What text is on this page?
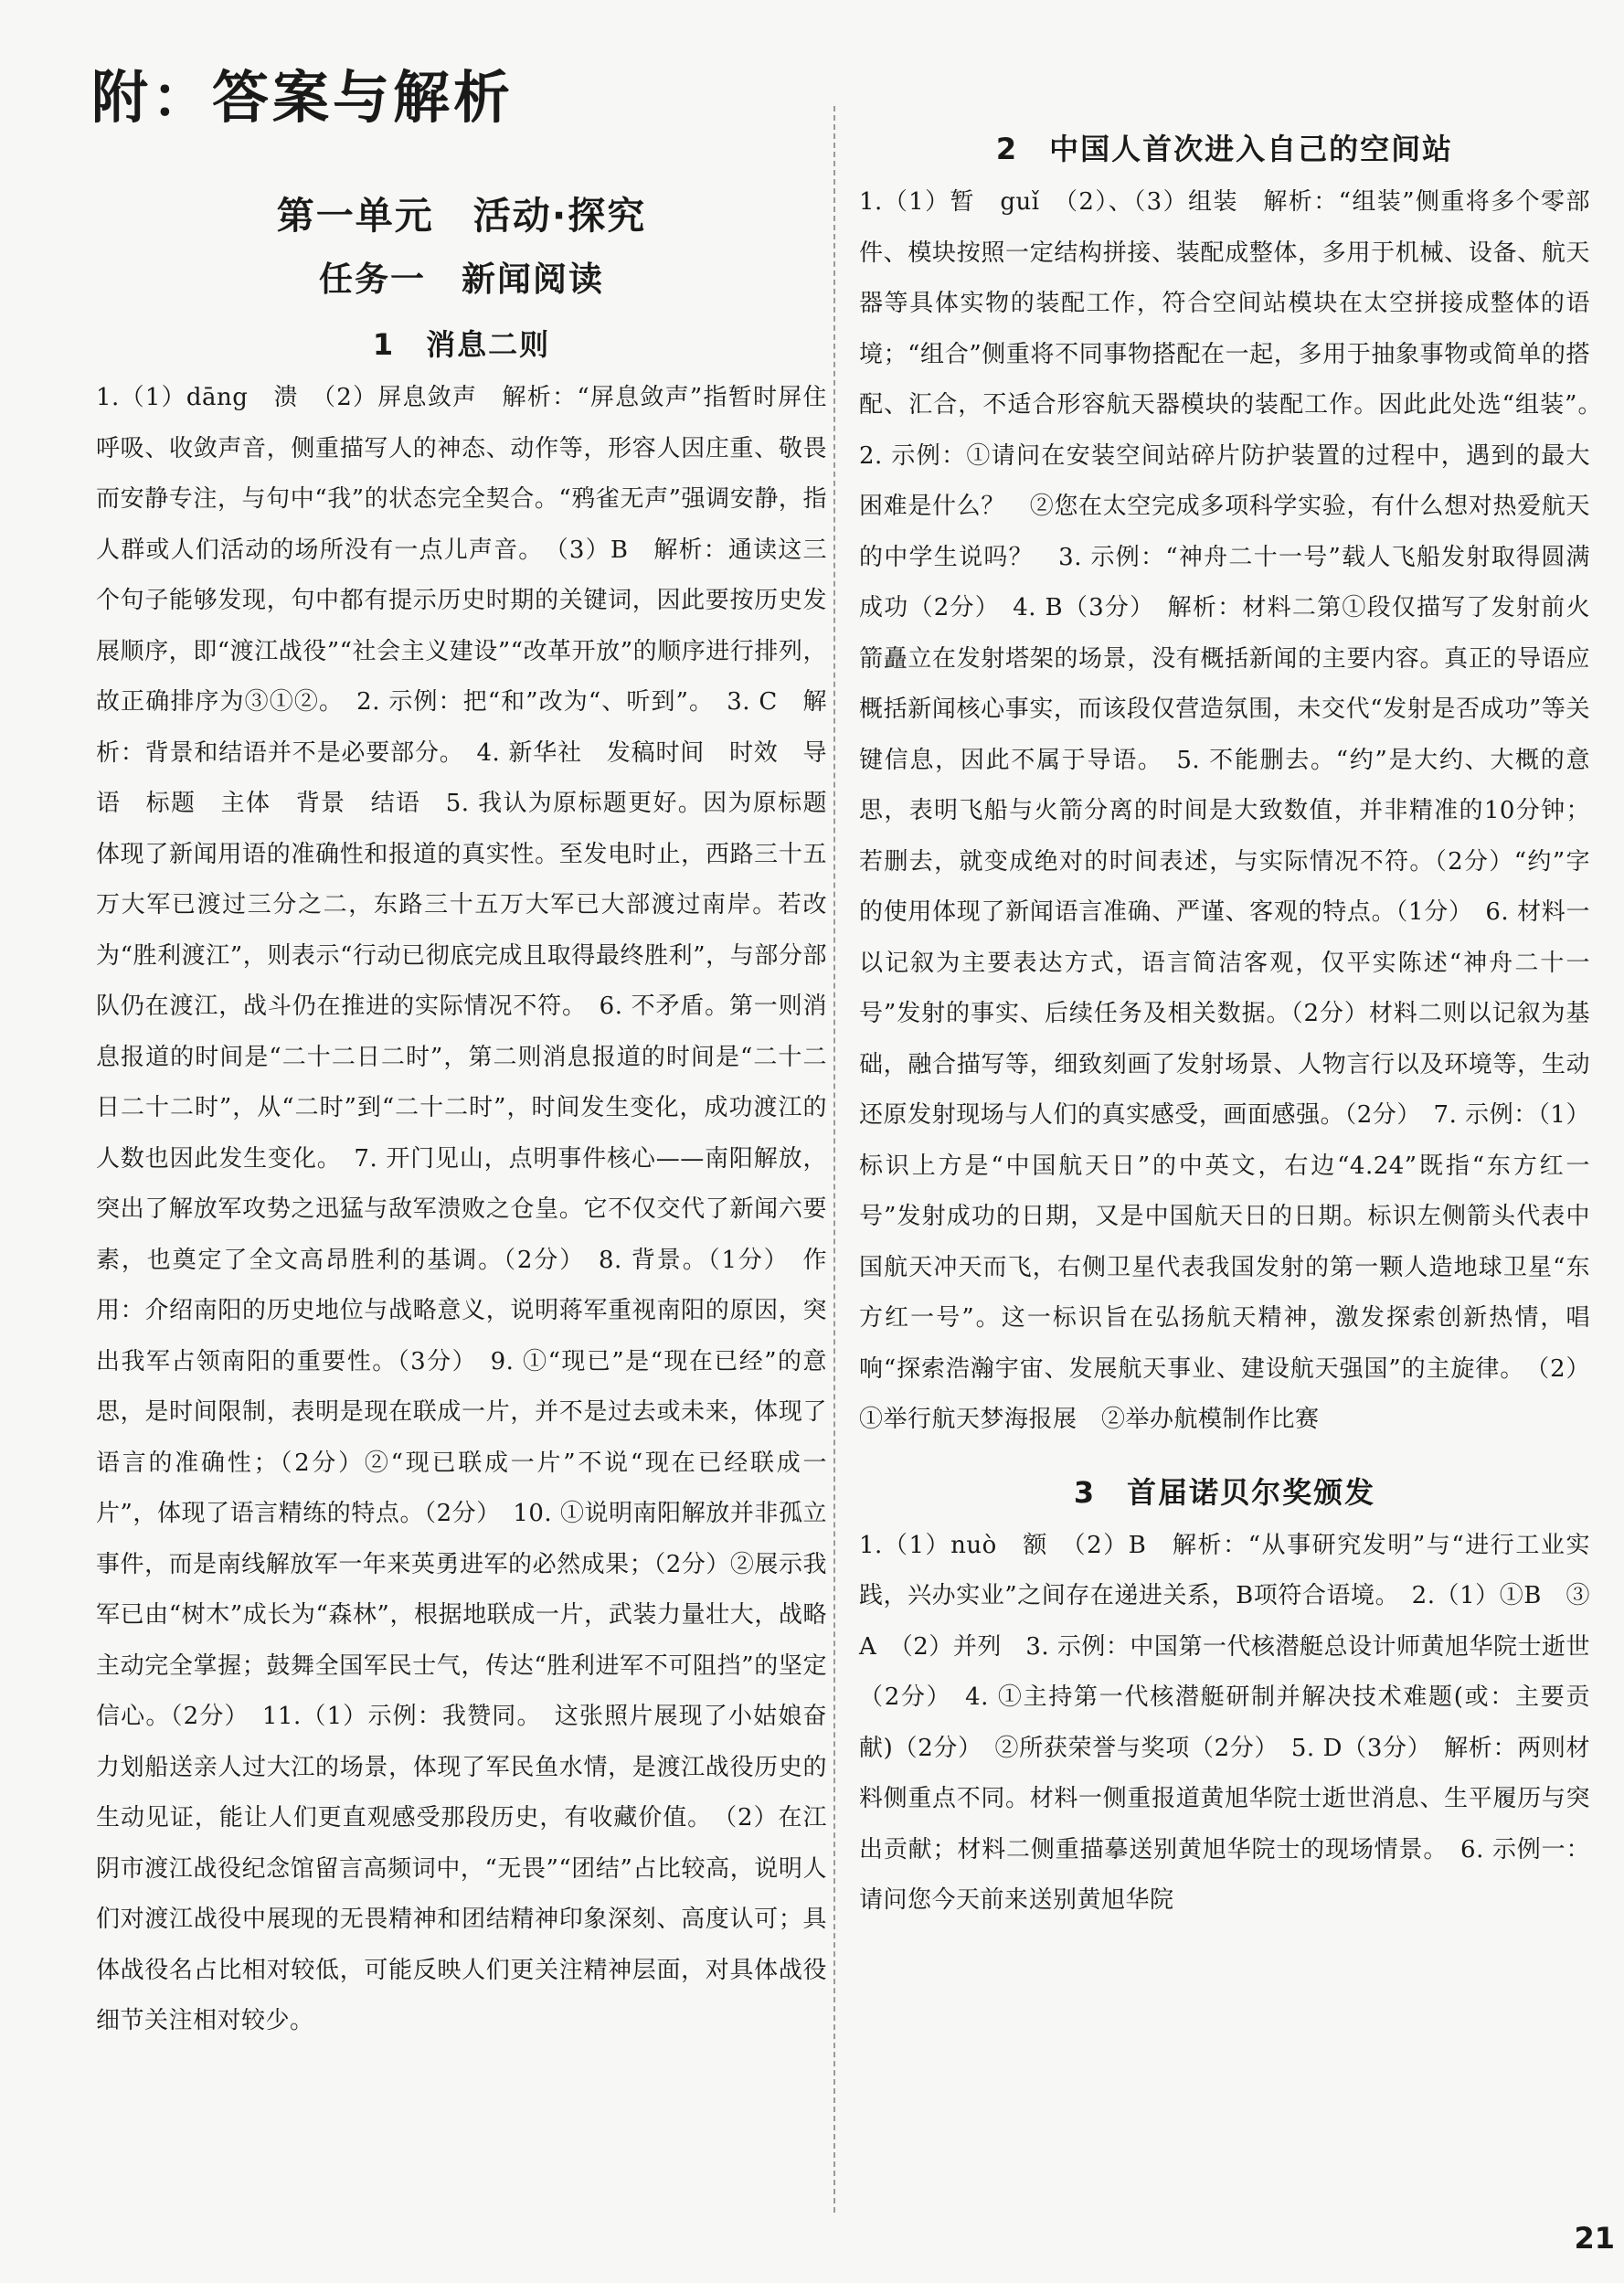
附：答案与解析
第一单元　活动·探究
任务一　新闻阅读
1　消息二则

1.（1）dāng　溃　（2）屏息敛声　解析：“屏息敛声”指暂时屏住呼吸、收敛声音，侧重描写人的神态、动作等，形容人因庄重、敬畏而安静专注，与句中“我”的状态完全契合。“鸦雀无声”强调安静，指人群或人们活动的场所没有一点儿声音。　（3）B　解析：通读这三个句子能够发现，句中都有提示历史时期的关键词，因此要按历史发展顺序，即“渡江战役”“社会主义建设”“改革开放”的顺序进行排列，故正确排序为③①②。　2. 示例：把“和”改为“、听到”。　3. C　解析：背景和结语并不是必要部分。　4. 新华社　发稿时间　时效　导语　标题　主体　背景　结语　5. 我认为原标题更好。因为原标题体现了新闻用语的准确性和报道的真实性。至发电时止，西路三十五万大军已渡过三分之二，东路三十五万大军已大部渡过南岸。若改为“胜利渡江”，则表示“行动已彻底完成且取得最终胜利”，与部分部队仍在渡江，战斗仍在推进的实际情况不符。　6. 不矛盾。第一则消息报道的时间是“二十二日二时”，第二则消息报道的时间是“二十二日二十二时”，从“二时”到“二十二时”，时间发生变化，成功渡江的人数也因此发生变化。　7. 开门见山，点明事件核心——南阳解放，突出了解放军攻势之迅猛与敌军溃败之仓皇。它不仅交代了新闻六要素，也奠定了全文高昂胜利的基调。（2分）　8. 背景。（1分）　作用：介绍南阳的历史地位与战略意义，说明蒋军重视南阳的原因，突出我军占领南阳的重要性。（3分）　9. ①“现已”是“现在已经”的意思，是时间限制，表明是现在联成一片，并不是过去或未来，体现了语言的准确性；（2分）②“现已联成一片”不说“现在已经联成一片”，体现了语言精练的特点。（2分）　10. ①说明南阳解放并非孤立事件，而是南线解放军一年来英勇进军的必然成果；（2分）②展示我军已由“树木”成长为“森林”，根据地联成一片，武装力量壮大，战略主动完全掌握；鼓舞全国军民士气，传达“胜利进军不可阻挡”的坚定信心。（2分）　11.（1）示例：我赞同。　这张照片展现了小姑娘奋力划船送亲人过大江的场景，体现了军民鱼水情，是渡江战役历史的生动见证，能让人们更直观感受那段历史，有收藏价值。　（2）在江阴市渡江战役纪念馆留言高频词中，“无畏”“团结”占比较高，说明人们对渡江战役中展现的无畏精神和团结精神印象深刻、高度认可；具体战役名占比相对较低，可能反映人们更关注精神层面，对具体战役细节关注相对较少。

2　中国人首次进入自己的空间站

1.（1）暂　guǐ　（2）、（3）组装　解析：“组装”侧重将多个零部件、模块按照一定结构拼接、装配成整体，多用于机械、设备、航天器等具体实物的装配工作，符合空间站模块在太空拼接成整体的语境；“组合”侧重将不同事物搭配在一起，多用于抽象事物或简单的搭配、汇合，不适合形容航天器模块的装配工作。因此此处选“组装”。　2. 示例：①请问在安装空间站碎片防护装置的过程中，遇到的最大困难是什么？　②您在太空完成多项科学实验，有什么想对热爱航天的中学生说吗？　3. 示例：“神舟二十一号”载人飞船发射取得圆满成功（2分）　4. B（3分）　解析：材料二第①段仅描写了发射前火箭矗立在发射塔架的场景，没有概括新闻的主要内容。真正的导语应概括新闻核心事实，而该段仅营造氛围，未交代“发射是否成功”等关键信息，因此不属于导语。　5. 不能删去。“约”是大约、大概的意思，表明飞船与火箭分离的时间是大致数值，并非精准的10分钟；若删去，就变成绝对的时间表述，与实际情况不符。（2分）“约”字的使用体现了新闻语言准确、严谨、客观的特点。（1分）　6. 材料一以记叙为主要表达方式，语言简洁客观，仅平实陈述“神舟二十一号”发射的事实、后续任务及相关数据。（2分）材料二则以记叙为基础，融合描写等，细致刻画了发射场景、人物言行以及环境等，生动还原发射现场与人们的真实感受，画面感强。（2分）　7. 示例：（1）标识上方是“中国航天日”的中英文，右边“4.24”既指“东方红一号”发射成功的日期，又是中国航天日的日期。标识左侧箭头代表中国航天冲天而飞，右侧卫星代表我国发射的第一颗人造地球卫星“东方红一号”。这一标识旨在弘扬航天精神，激发探索创新热情，唱响“探索浩瀚宇宙、发展航天事业、建设航天强国”的主旋律。　（2）①举行航天梦海报展　②举办航模制作比赛

3　首届诺贝尔奖颁发

1.（1）nuò　额　（2）B　解析：“从事研究发明”与“进行工业实践，兴办实业”之间存在递进关系，B项符合语境。　2.（1）①B　③A　（2）并列　3. 示例：中国第一代核潜艇总设计师黄旭华院士逝世（2分）　4. ①主持第一代核潜艇研制并解决技术难题(或：主要贡献)（2分）　②所获荣誉与奖项（2分）　5. D（3分）　解析：两则材料侧重点不同。材料一侧重报道黄旭华院士逝世消息、生平履历与突出贡献；材料二侧重描摹送别黄旭华院士的现场情景。　6. 示例一：请问您今天前来送别黄旭华院

21
